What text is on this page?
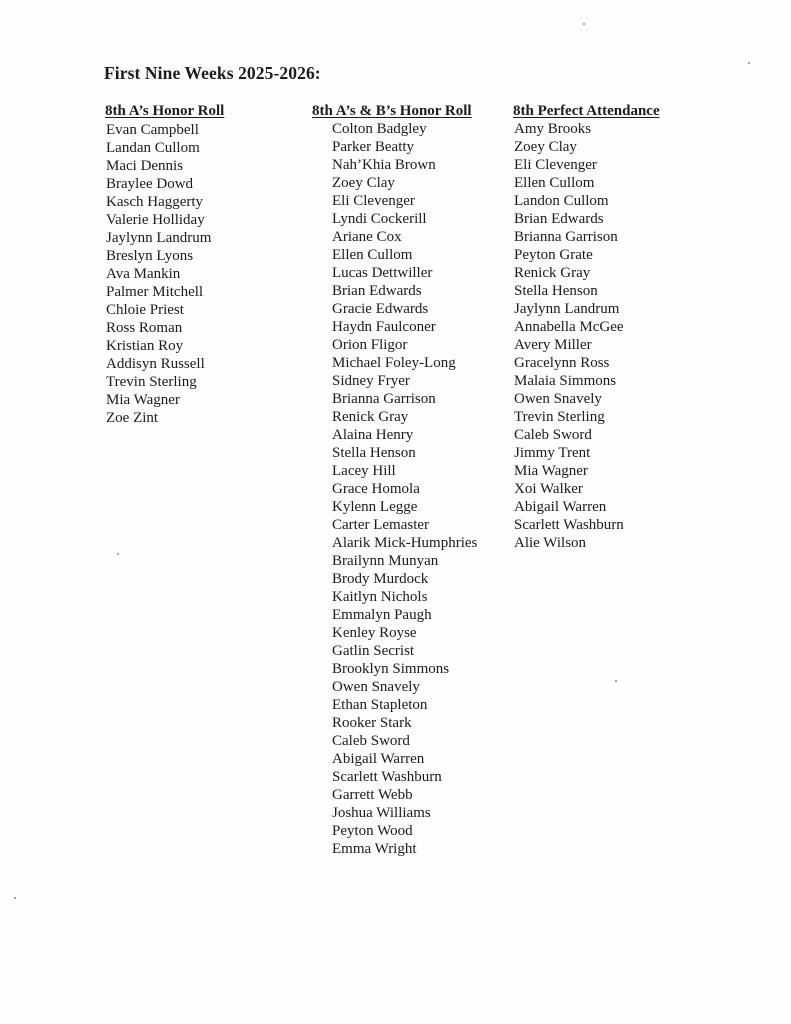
First Nine Weeks 2025-2026:
8th A’s Honor Roll
Evan Campbell
Landan Cullom
Maci Dennis
Braylee Dowd
Kasch Haggerty
Valerie Holliday
Jaylynn Landrum
Breslyn Lyons
Ava Mankin
Palmer Mitchell
Chloie Priest
Ross Roman
Kristian Roy
Addisyn Russell
Trevin Sterling
Mia Wagner
Zoe Zint
8th A’s & B’s Honor Roll
Colton Badgley
Parker Beatty
Nah’Khia Brown
Zoey Clay
Eli Clevenger
Lyndi Cockerill
Ariane Cox
Ellen Cullom
Lucas Dettwiller
Brian Edwards
Gracie Edwards
Haydn Faulconer
Orion Fligor
Michael Foley-Long
Sidney Fryer
Brianna Garrison
Renick Gray
Alaina Henry
Stella Henson
Lacey Hill
Grace Homola
Kylenn Legge
Carter Lemaster
Alarik Mick-Humphries
Brailynn Munyan
Brody Murdock
Kaitlyn Nichols
Emmalyn Paugh
Kenley Royse
Gatlin Secrist
Brooklyn Simmons
Owen Snavely
Ethan Stapleton
Rooker Stark
Caleb Sword
Abigail Warren
Scarlett Washburn
Garrett Webb
Joshua Williams
Peyton Wood
Emma Wright
8th Perfect Attendance
Amy Brooks
Zoey Clay
Eli Clevenger
Ellen Cullom
Landon Cullom
Brian Edwards
Brianna Garrison
Peyton Grate
Renick Gray
Stella Henson
Jaylynn Landrum
Annabella McGee
Avery Miller
Gracelynn Ross
Malaia Simmons
Owen Snavely
Trevin Sterling
Caleb Sword
Jimmy Trent
Mia Wagner
Xoi Walker
Abigail Warren
Scarlett Washburn
Alie Wilson
